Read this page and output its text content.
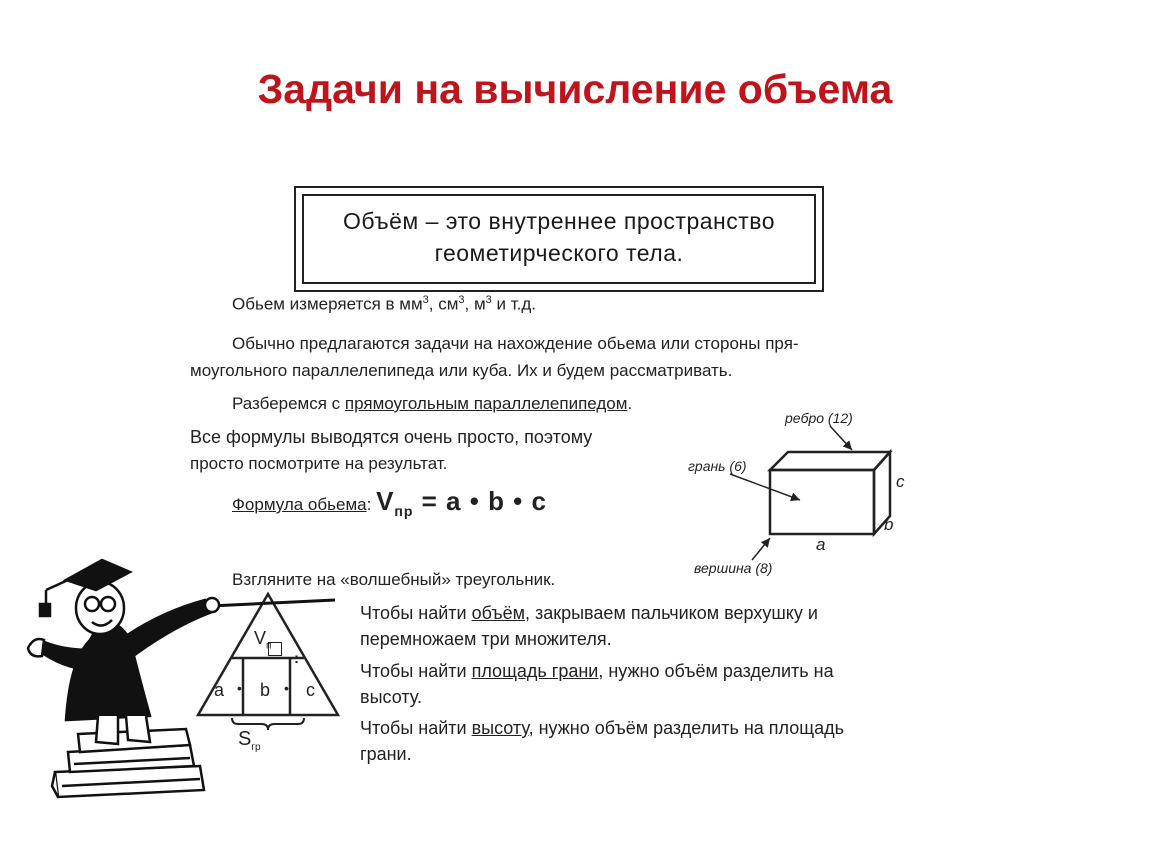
Задачи на вычисление объема
Объём – это внутреннее пространство
геометирческого тела.
Обьем измеряется в $мм^3$, $см^3$, $м^3$ и т.д.
Обычно предлагаются задачи на нахождение обьема или стороны пря-
моугольного параллелепипеда или куба. Их и будем рассматривать.
Разберемся с прямоугольным параллелепипедом.
Все формулы выводятся очень просто, поэтому
просто посмотрите на результат.
Формула обьема: $V_{пр} = a$ • b • c
ребро (12)
грань (6)
вершина (8)
a
b
c
Взгляните на «волшебный» треугольник.
$V_п$
:
a b c
•	•
$S_{гр}$
Чтобы найти объём, закрываем пальчиком верхушку и
перемножаем три множителя.
Чтобы найти площадь грани, нужно объём разделить на
высоту.
Чтобы найти высоту, нужно объём разделить на площадь
грани.
